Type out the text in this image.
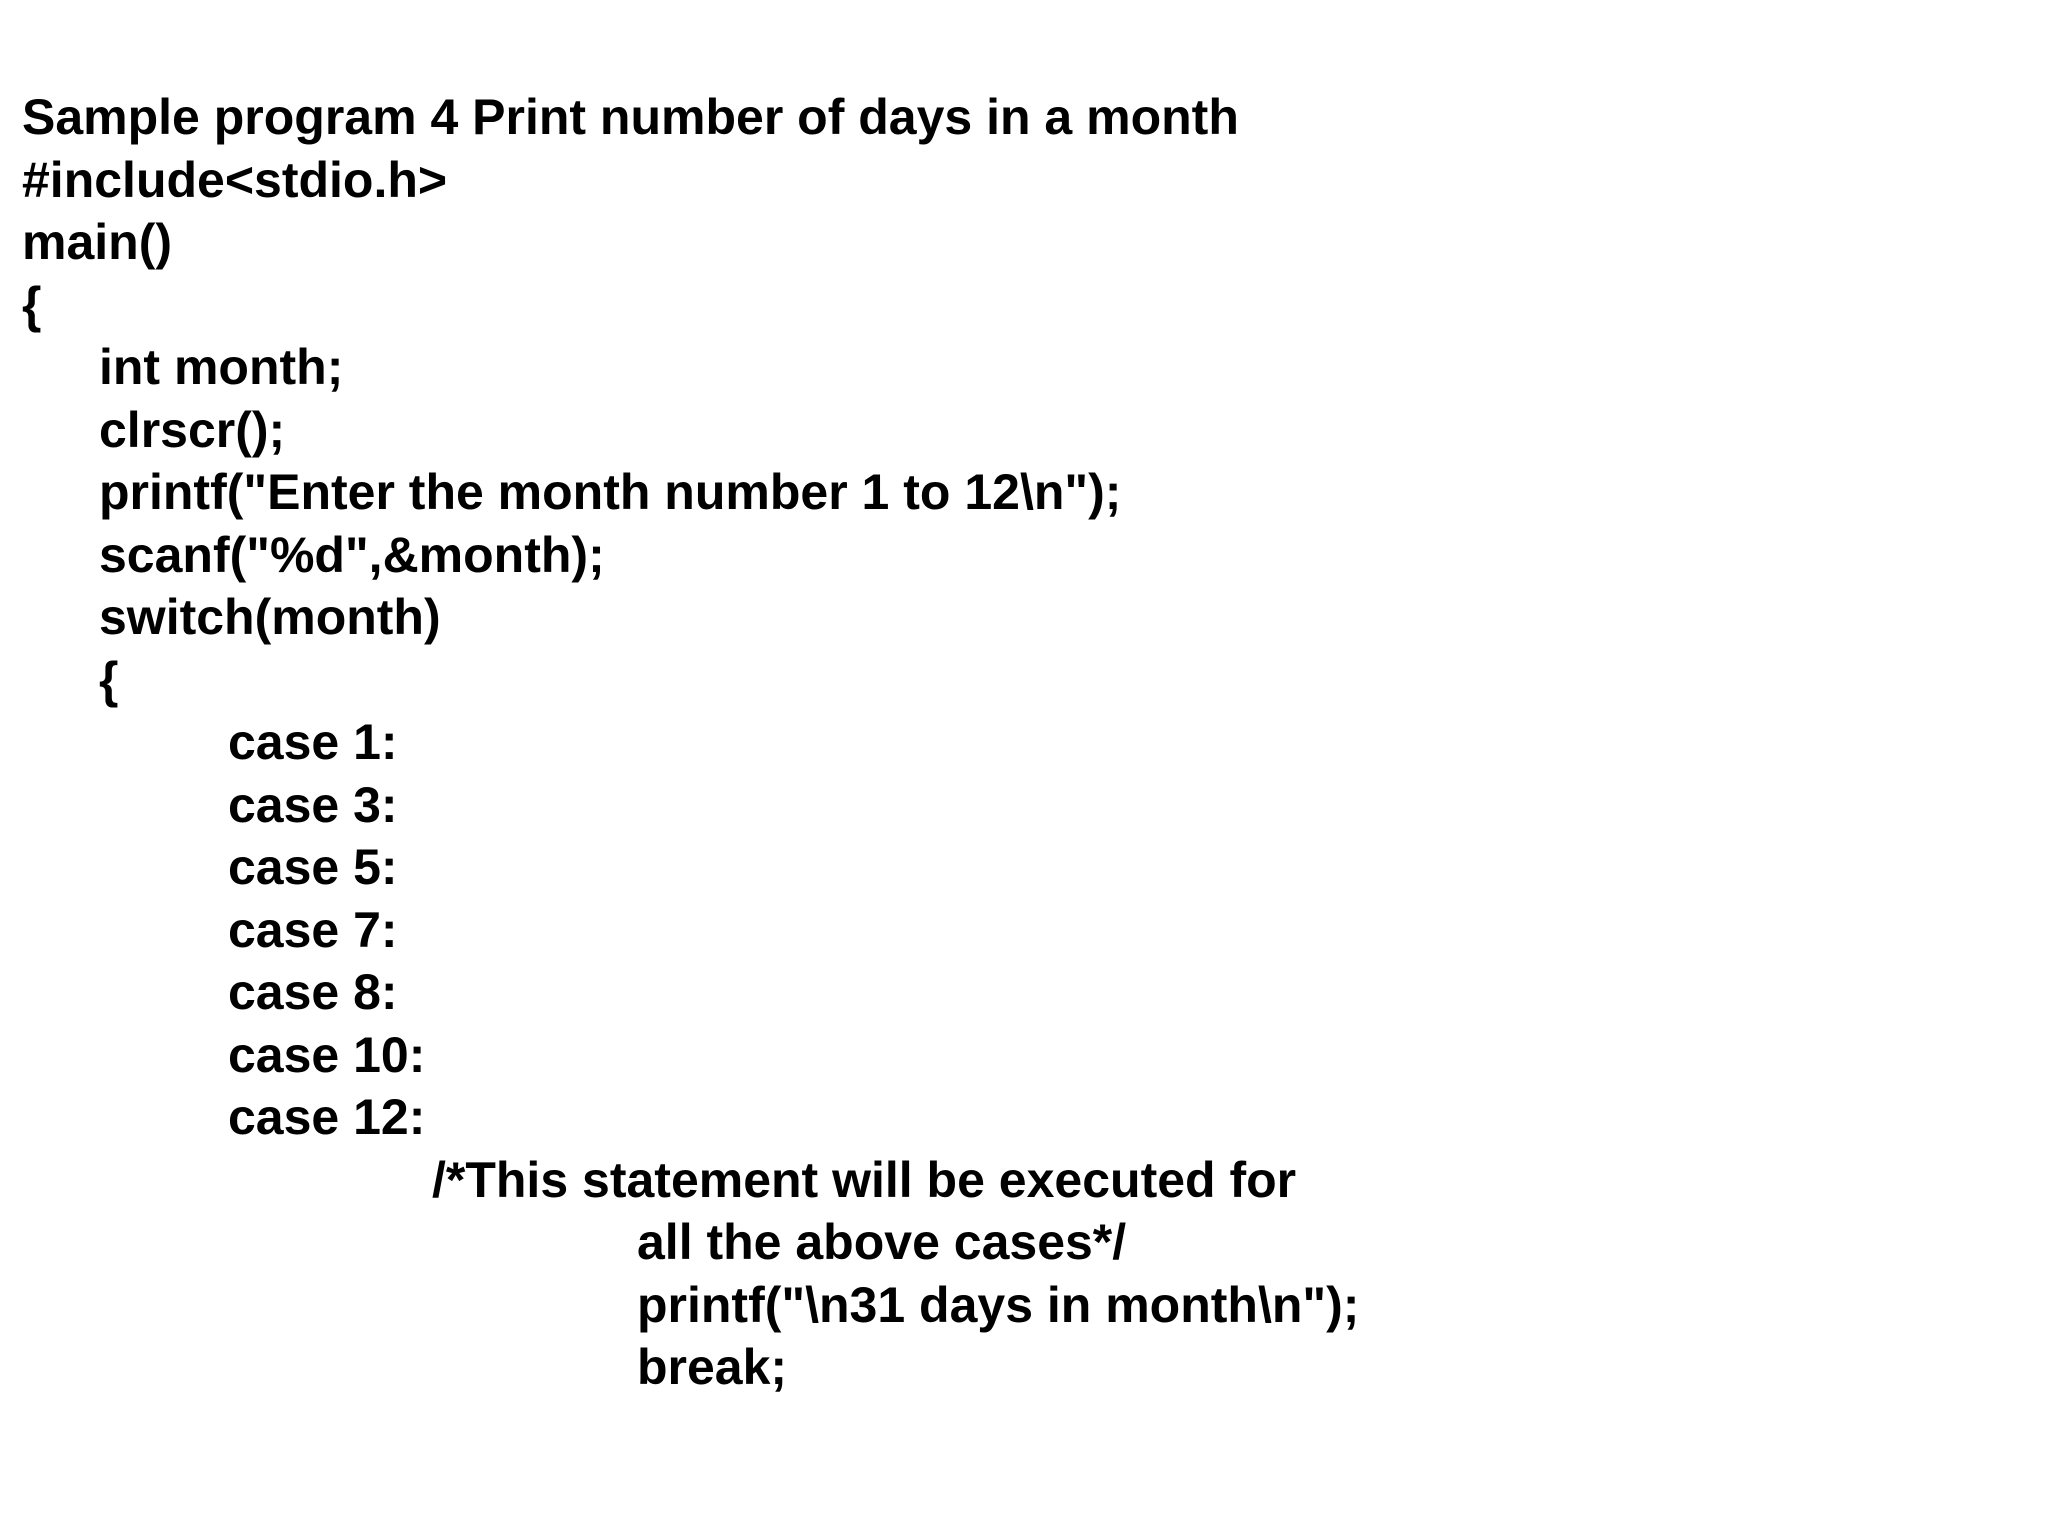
Sample program 4 Print number of days in a month
#include<stdio.h>
main()
{
int month;
clrscr();
printf("Enter the month number 1 to 12\n");
scanf("%d",&month);
switch(month)
{
case 1:
case 3:
case 5:
case 7:
case 8:
case 10:
case 12:
/*This statement will be executed for
all the above cases*/
printf("\n31 days in month\n");
break;
